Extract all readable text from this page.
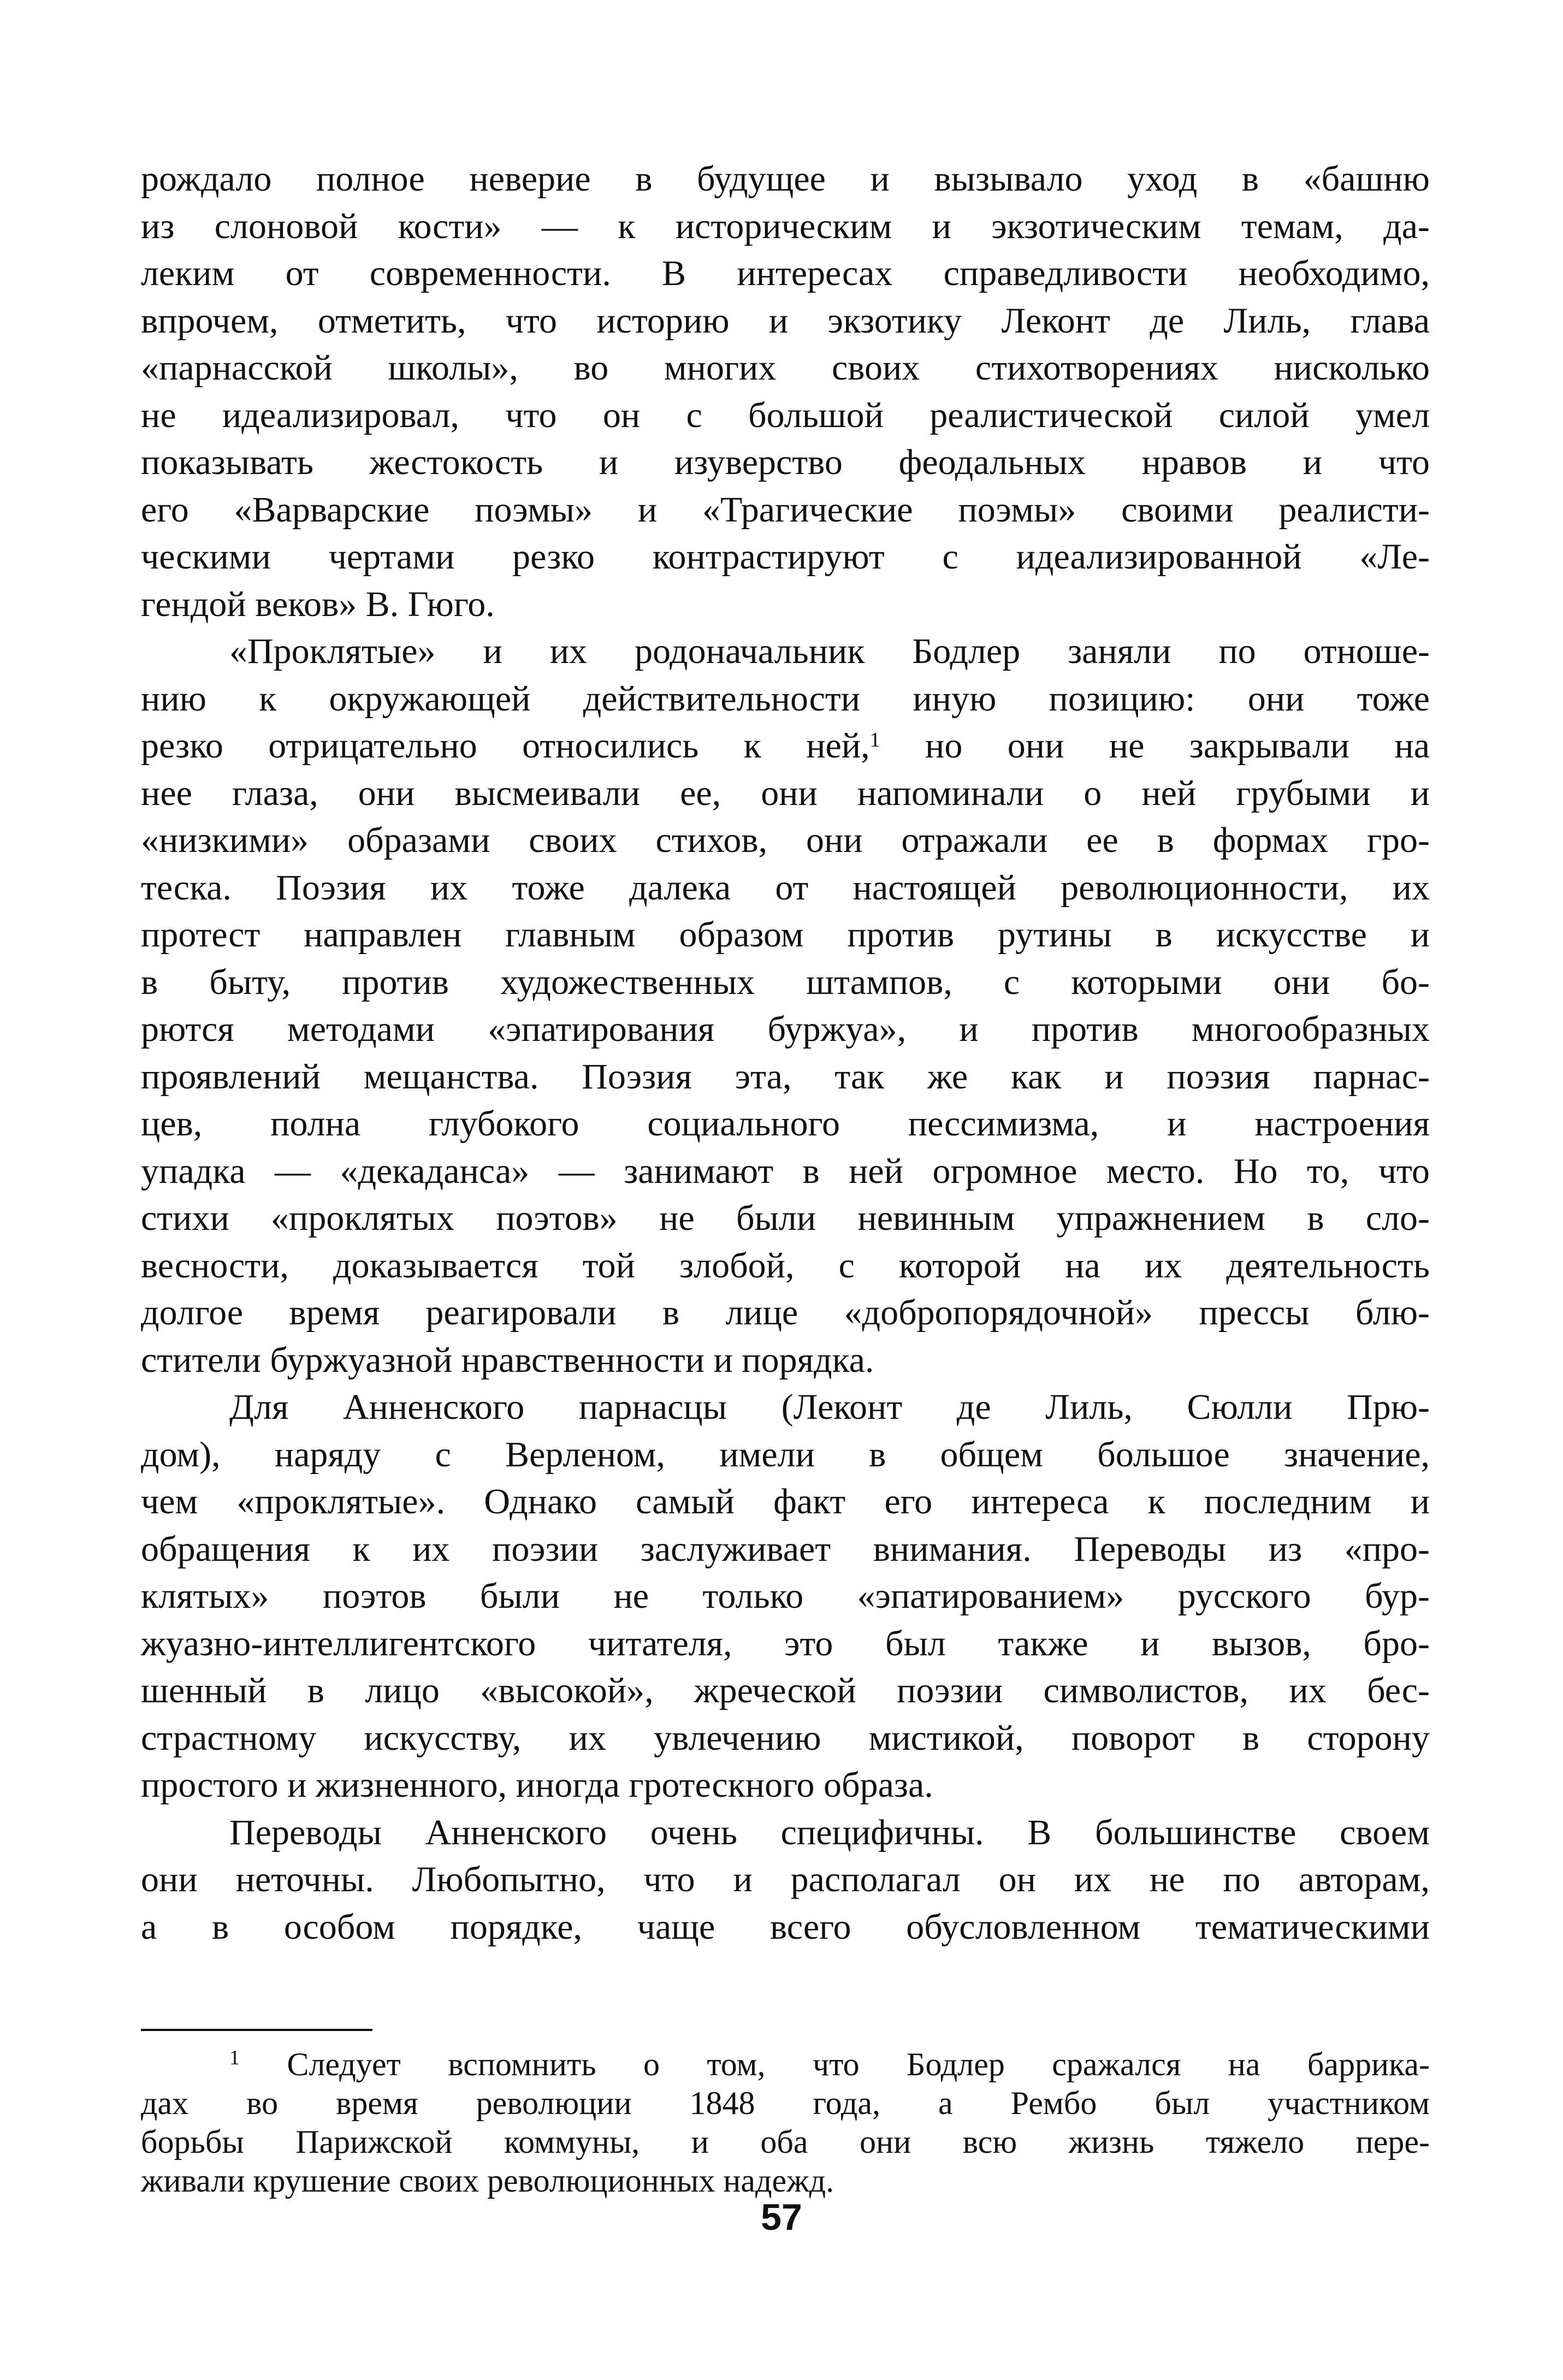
рождало полное неверие в будущее и вызывало уход в «башню
из слоновой кости» — к историческим и экзотическим темам, да-
леким от современности. В интересах справедливости необходимо,
впрочем, отметить, что историю и экзотику Леконт де Лиль, глава
«парнасской школы», во многих своих стихотворениях нисколько
не идеализировал, что он с большой реалистической силой умел
показывать жестокость и изуверство феодальных нравов и что
его «Варварские поэмы» и «Трагические поэмы» своими реалисти-
ческими чертами резко контрастируют с идеализированной «Ле-
гендой веков» В. Гюго.
«Проклятые» и их родоначальник Бодлер заняли по отноше-
нию к окружающей действительности иную позицию: они тоже
резко отрицательно относились к ней,$^1$ но они не закрывали на
нее глаза, они высмеивали ее, они напоминали о ней грубыми и
«низкими» образами своих стихов, они отражали ее в формах гро-
теска. Поэзия их тоже далека от настоящей революционности, их
протест направлен главным образом против рутины в искусстве и
в быту, против художественных штампов, с которыми они бо-
рются методами «эпатирования буржуа», и против многообразных
проявлений мещанства. Поэзия эта, так же как и поэзия парнас-
цев, полна глубокого социального пессимизма, и настроения
упадка — «декаданса» — занимают в ней огромное место. Но то, что
стихи «проклятых поэтов» не были невинным упражнением в сло-
весности, доказывается той злобой, с которой на их деятельность
долгое время реагировали в лице «добропорядочной» прессы блю-
стители буржуазной нравственности и порядка.
Для Анненского парнасцы (Леконт де Лиль, Сюлли Прю-
дом), наряду с Верленом, имели в общем большое значение,
чем «проклятые». Однако самый факт его интереса к последним и
обращения к их поэзии заслуживает внимания. Переводы из «про-
клятых» поэтов были не только «эпатированием» русского бур-
жуазно-интеллигентского читателя, это был также и вызов, бро-
шенный в лицо «высокой», жреческой поэзии символистов, их бес-
страстному искусству, их увлечению мистикой, поворот в сторону
простого и жизненного, иногда гротескного образа.
Переводы Анненского очень специфичны. В большинстве своем
они неточны. Любопытно, что и располагал он их не по авторам,
а в особом порядке, чаще всего обусловленном тематическими
$^1$ Следует вспомнить о том, что Бодлер сражался на баррика-
дах во время революции 1848 года, а Рембо был участником
борьбы Парижской коммуны, и оба они всю жизнь тяжело пере-
живали крушение своих революционных надежд.
57
